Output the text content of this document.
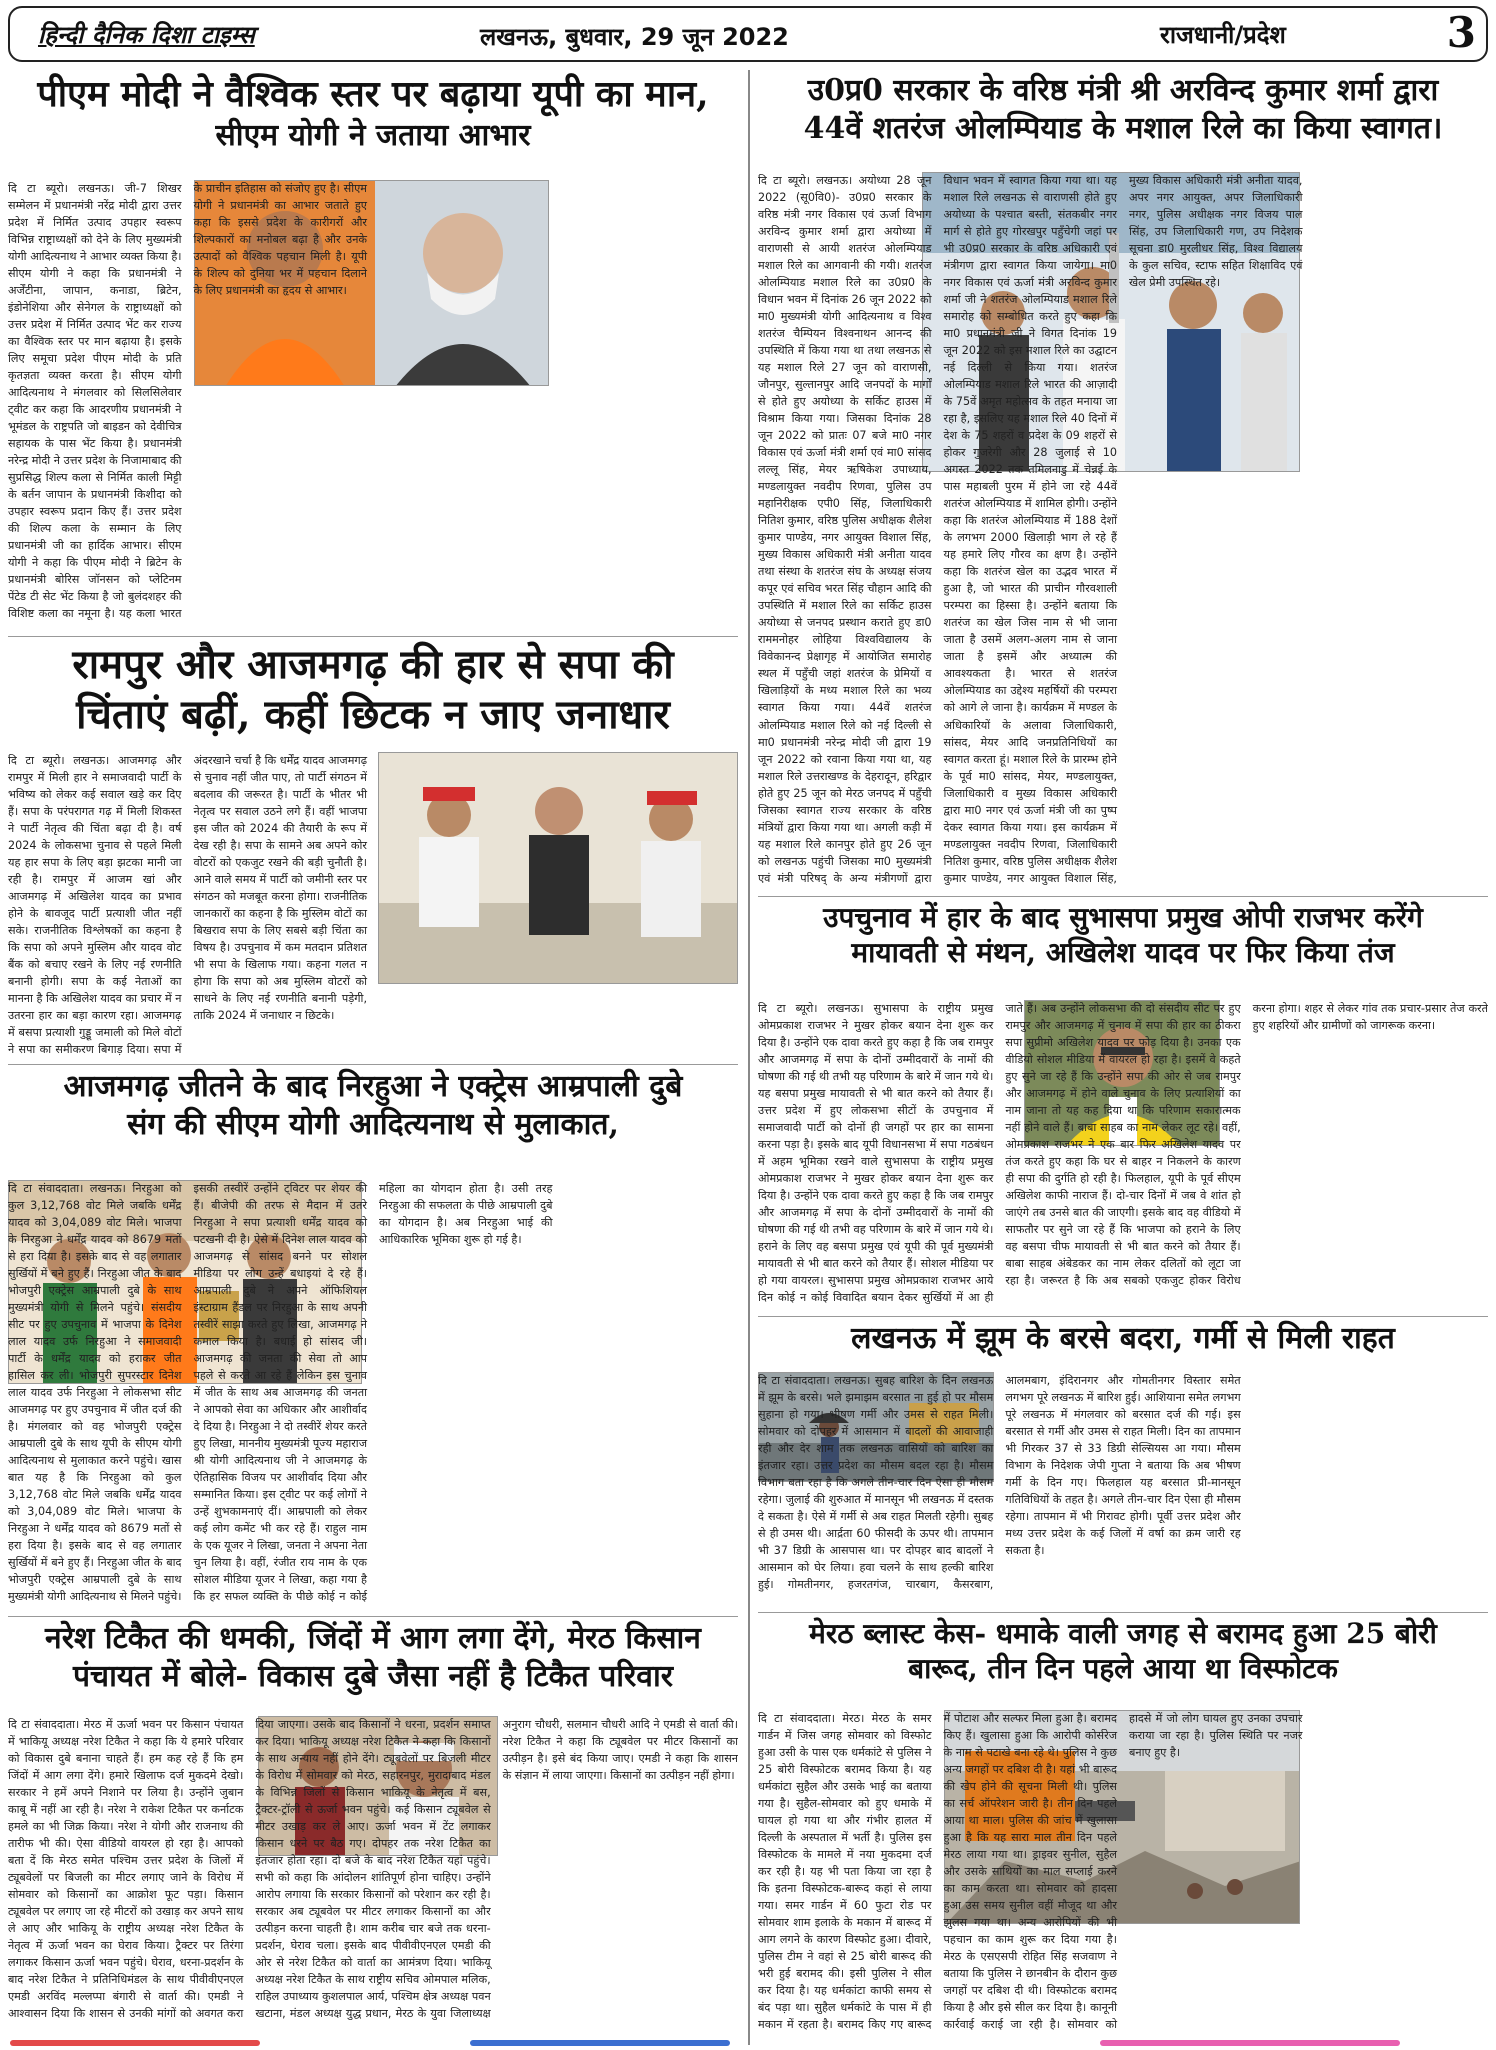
हिन्दी दैनिक दिशा टाइम्स	लखनऊ, बुधवार, 29 जून 2022	राजधानी/प्रदेश	3
पीएम मोदी ने वैश्विक स्तर पर बढ़ाया यूपी का मान,
सीएम योगी ने जताया आभार
दि टा ब्यूरो। लखनऊ। जी-7 शिखर सम्मेलन में प्रधानमंत्री नरेंद्र मोदी द्वारा उत्तर प्रदेश में निर्मित उत्पाद उपहार स्वरूप विभिन्न राष्ट्राध्यक्षों को देने के लिए मुख्यमंत्री योगी आदित्यनाथ ने आभार व्यक्त किया है। सीएम योगी ने कहा कि प्रधानमंत्री ने अर्जेंटीना, जापान, कनाडा, ब्रिटेन, इंडोनेशिया और सेनेगल के राष्ट्राध्यक्षों को उत्तर प्रदेश में निर्मित उत्पाद भेंट कर राज्य का वैश्विक स्तर पर मान बढ़ाया है। इसके लिए समूचा प्रदेश पीएम मोदी के प्रति कृतज्ञता व्यक्त करता है। सीएम योगी आदित्यनाथ ने मंगलवार को सिलसिलेवार ट्वीट कर कहा कि आदरणीय प्रधानमंत्री ने भूमंडल के राष्ट्रपति जो बाइडन को देवीचित्र सहायक के पास भेंट किया है। प्रधानमंत्री नरेन्द्र मोदी ने उत्तर प्रदेश के निजामाबाद की सुप्रसिद्ध शिल्प कला से निर्मित काली मिट्टी के बर्तन जापान के प्रधानमंत्री किशीदा को उपहार स्वरूप प्रदान किए हैं। उत्तर प्रदेश की शिल्प कला के सम्मान के लिए प्रधानमंत्री जी का हार्दिक आभार। सीएम योगी ने कहा कि पीएम मोदी ने ब्रिटेन के प्रधानमंत्री बोरिस जॉनसन को प्लेटिनम पेंटेड टी सेट भेंट किया है जो बुलंदशहर की विशिष्ट कला का नमूना है। यह कला भारत के प्राचीन इतिहास को संजोए हुए है। सीएम योगी ने प्रधानमंत्री का आभार जताते हुए कहा कि इससे प्रदेश के कारीगरों और शिल्पकारों का मनोबल बढ़ा है और उनके उत्पादों को वैश्विक पहचान मिली है। यूपी के शिल्प को दुनिया भर में पहचान दिलाने के लिए प्रधानमंत्री का हृदय से आभार।
रामपुर और आजमगढ़ की हार से सपा की
चिंताएं बढ़ीं, कहीं छिटक न जाए जनाधार
दि टा ब्यूरो। लखनऊ। आजमगढ़ और रामपुर में मिली हार ने समाजवादी पार्टी के भविष्य को लेकर कई सवाल खड़े कर दिए हैं। सपा के परंपरागत गढ़ में मिली शिकस्त ने पार्टी नेतृत्व की चिंता बढ़ा दी है। वर्ष 2024 के लोकसभा चुनाव से पहले मिली यह हार सपा के लिए बड़ा झटका मानी जा रही है। रामपुर में आजम खां और आजमगढ़ में अखिलेश यादव का प्रभाव होने के बावजूद पार्टी प्रत्याशी जीत नहीं सके। राजनीतिक विश्लेषकों का कहना है कि सपा को अपने मुस्लिम और यादव वोट बैंक को बचाए रखने के लिए नई रणनीति बनानी होगी। सपा के कई नेताओं का मानना है कि अखिलेश यादव का प्रचार में न उतरना हार का बड़ा कारण रहा। आजमगढ़ में बसपा प्रत्याशी गुड्डू जमाली को मिले वोटों ने सपा का समीकरण बिगाड़ दिया। सपा में अंदरखाने चर्चा है कि धर्मेंद्र यादव आजमगढ़ से चुनाव नहीं जीत पाए, तो पार्टी संगठन में बदलाव की जरूरत है। पार्टी के भीतर भी नेतृत्व पर सवाल उठने लगे हैं। वहीं भाजपा इस जीत को 2024 की तैयारी के रूप में देख रही है। सपा के सामने अब अपने कोर वोटरों को एकजुट रखने की बड़ी चुनौती है। आने वाले समय में पार्टी को जमीनी स्तर पर संगठन को मजबूत करना होगा। राजनीतिक जानकारों का कहना है कि मुस्लिम वोटों का बिखराव सपा के लिए सबसे बड़ी चिंता का विषय है। उपचुनाव में कम मतदान प्रतिशत भी सपा के खिलाफ गया। कहना गलत न होगा कि सपा को अब मुस्लिम वोटरों को साधने के लिए नई रणनीति बनानी पड़ेगी, ताकि 2024 में जनाधार न छिटके।
आजमगढ़ जीतने के बाद निरहुआ ने एक्ट्रेस आम्रपाली दुबे
संग की सीएम योगी आदित्यनाथ से मुलाकात,
दि टा संवाददाता। लखनऊ। निरहुआ को कुल 3,12,768 वोट मिले जबकि धर्मेंद्र यादव को 3,04,089 वोट मिले। भाजपा के निरहुआ ने धर्मेंद्र यादव को 8679 मतों से हरा दिया है। इसके बाद से वह लगातार सुर्खियों में बने हुए हैं। निरहुआ जीत के बाद भोजपुरी एक्ट्रेस आम्रपाली दुबे के साथ मुख्यमंत्री योगी से मिलने पहुंचे। संसदीय सीट पर हुए उपचुनाव में भाजपा के दिनेश लाल यादव उर्फ निरहुआ ने समाजवादी पार्टी के धर्मेंद्र यादव को हराकर जीत हासिल कर ली। भोजपुरी सुपरस्टार दिनेश लाल यादव उर्फ निरहुआ ने लोकसभा सीट आजमगढ़ पर हुए उपचुनाव में जीत दर्ज की है। मंगलवार को वह भोजपुरी एक्ट्रेस आम्रपाली दुबे के साथ यूपी के सीएम योगी आदित्यनाथ से मुलाकात करने पहुंचे। खास बात यह है कि निरहुआ को कुल 3,12,768 वोट मिले जबकि धर्मेंद्र यादव को 3,04,089 वोट मिले। भाजपा के निरहुआ ने धर्मेंद्र यादव को 8679 मतों से हरा दिया है। इसके बाद से वह लगातार सुर्खियों में बने हुए हैं। निरहुआ जीत के बाद भोजपुरी एक्ट्रेस आम्रपाली दुबे के साथ मुख्यमंत्री योगी आदित्यनाथ से मिलने पहुंचे। इसकी तस्वीरें उन्होंने ट्विटर पर शेयर की हैं। बीजेपी की तरफ से मैदान में उतरे निरहुआ ने सपा प्रत्याशी धर्मेंद्र यादव को पटखनी दी है। ऐसे में दिनेश लाल यादव को आजमगढ़ से सांसद बनने पर सोशल मीडिया पर लोग उन्हें बधाइयां दे रहे हैं। आम्रपाली दुबे ने अपने ऑफिशियल इंस्टाग्राम हैंडल पर निरहुआ के साथ अपनी तस्वीरें साझा करते हुए लिखा, आजमगढ़ ने कमाल किया है। बधाई हो सांसद जी। आजमगढ़ की जनता की सेवा तो आप पहले से करते आ रहे हैं लेकिन इस चुनाव में जीत के साथ अब आजमगढ़ की जनता ने आपको सेवा का अधिकार और आशीर्वाद दे दिया है। निरहुआ ने दो तस्वीरें शेयर करते हुए लिखा, माननीय मुख्यमंत्री पूज्य महाराज श्री योगी आदित्यनाथ जी ने आजमगढ़ के ऐतिहासिक विजय पर आशीर्वाद दिया और सम्मानित किया। इस ट्वीट पर कई लोगों ने उन्हें शुभकामनाएं दीं। आम्रपाली को लेकर कई लोग कमेंट भी कर रहे हैं। राहुल नाम के एक यूजर ने लिखा, जनता ने अपना नेता चुन लिया है। वहीं, रंजीत राय नाम के एक सोशल मीडिया यूजर ने लिखा, कहा गया है कि हर सफल व्यक्ति के पीछे कोई न कोई महिला का योगदान होता है। उसी तरह निरहुआ की सफलता के पीछे आम्रपाली दुबे का योगदान है। अब निरहुआ भाई की आधिकारिक भूमिका शुरू हो गई है।
नरेश टिकैत की धमकी, जिंदों में आग लगा देंगे, मेरठ किसान
पंचायत में बोले- विकास दुबे जैसा नहीं है टिकैत परिवार
दि टा संवाददाता। मेरठ में ऊर्जा भवन पर किसान पंचायत में भाकियू अध्यक्ष नरेश टिकैत ने कहा कि ये हमारे परिवार को विकास दुबे बनाना चाहते हैं। हम कह रहे हैं कि हम जिंदों में आग लगा देंगे। हमारे खिलाफ दर्ज मुकदमे देखो। सरकार ने हमें अपने निशाने पर लिया है। उन्होंने जुबान काबू में नहीं आ रही है। नरेश ने राकेश टिकैत पर कर्नाटक हमले का भी जिक्र किया। नरेश ने योगी और राजनाथ की तारीफ भी की। ऐसा वीडियो वायरल हो रहा है। आपको बता दें कि मेरठ समेत पश्चिम उत्तर प्रदेश के जिलों में ट्यूबवेलों पर बिजली का मीटर लगाए जाने के विरोध में सोमवार को किसानों का आक्रोश फूट पड़ा। किसान ट्यूबवेल पर लगाए जा रहे मीटरों को उखाड़ कर अपने साथ ले आए और भाकियू के राष्ट्रीय अध्यक्ष नरेश टिकैत के नेतृत्व में ऊर्जा भवन का घेराव किया। ट्रैक्टर पर तिरंगा लगाकर किसान ऊर्जा भवन पहुंचे। घेराव, धरना-प्रदर्शन के बाद नरेश टिकैत ने प्रतिनिधिमंडल के साथ पीवीवीएनएल एमडी अरविंद मल्लप्पा बंगारी से वार्ता की। एमडी ने आश्वासन दिया कि शासन से उनकी मांगों को अवगत करा दिया जाएगा। उसके बाद किसानों ने धरना, प्रदर्शन समाप्त कर दिया। भाकियू अध्यक्ष नरेश टिकैत ने कहा कि किसानों के साथ अन्याय नहीं होने देंगे। ट्यूबवेलों पर बिजली मीटर के विरोध में सोमवार को मेरठ, सहारनपुर, मुरादाबाद मंडल के विभिन्न जिलों से किसान भाकियू के नेतृत्व में बस, ट्रैक्टर-ट्रॉली से ऊर्जा भवन पहुंचे। कई किसान ट्यूबवेल से मीटर उखाड़ कर ले आए। ऊर्जा भवन में टेंट लगाकर किसान धरने पर बैठ गए। दोपहर तक नरेश टिकैत का इंतजार होता रहा। दो बजे के बाद नरेश टिकैत यहां पहुंचे। सभी को कहा कि आंदोलन शांतिपूर्ण होना चाहिए। उन्होंने आरोप लगाया कि सरकार किसानों को परेशान कर रही है। सरकार अब ट्यूबवेल पर मीटर लगाकर किसानों का और उत्पीड़न करना चाहती है। शाम करीब चार बजे तक धरना-प्रदर्शन, घेराव चला। इसके बाद पीवीवीएनएल एमडी की ओर से नरेश टिकैत को वार्ता का आमंत्रण दिया। भाकियू अध्यक्ष नरेश टिकैत के साथ राष्ट्रीय सचिव ओमपाल मलिक, राहिल उपाध्याय कुशलपाल आर्य, पश्चिम क्षेत्र अध्यक्ष पवन खटाना, मंडल अध्यक्ष युद्ध प्रधान, मेरठ के युवा जिलाध्यक्ष अनुराग चौधरी, सलमान चौधरी आदि ने एमडी से वार्ता की। नरेश टिकैत ने कहा कि ट्यूबवेल पर मीटर किसानों का उत्पीड़न है। इसे बंद किया जाए। एमडी ने कहा कि शासन के संज्ञान में लाया जाएगा। किसानों का उत्पीड़न नहीं होगा।
उ0प्र0 सरकार के वरिष्ठ मंत्री श्री अरविन्द कुमार शर्मा द्वारा
44वें शतरंज ओलम्पियाड के मशाल रिले का किया स्वागत।
दि टा ब्यूरो। लखनऊ। अयोध्या 28 जून 2022 (सू0वि0)- उ0प्र0 सरकार के वरिष्ठ मंत्री नगर विकास एवं ऊर्जा विभाग अरविन्द कुमार शर्मा द्वारा अयोध्या में वाराणसी से आयी शतरंज ओलम्पियाड मशाल रिले का आगवानी की गयी। शतरंज ओलम्पियाड मशाल रिले का उ0प्र0 के विधान भवन में दिनांक 26 जून 2022 को मा0 मुख्यमंत्री योगी आदित्यनाथ व विश्व शतरंज चैम्पियन विश्वनाथन आनन्द की उपस्थिति में किया गया था तथा लखनऊ से यह मशाल रिले 27 जून को वाराणसी, जौनपुर, सुल्तानपुर आदि जनपदों के मार्गों से होते हुए अयोध्या के सर्किट हाउस में विश्राम किया गया। जिसका दिनांक 28 जून 2022 को प्रातः 07 बजे मा0 नगर विकास एवं ऊर्जा मंत्री शर्मा एवं मा0 सांसद लल्लू सिंह, मेयर ऋषिकेश उपाध्याय, मण्डलायुक्त नवदीप रिणवा, पुलिस उप महानिरीक्षक एपी0 सिंह, जिलाधिकारी नितिश कुमार, वरिष्ठ पुलिस अधीक्षक शैलेश कुमार पाण्डेय, नगर आयुक्त विशाल सिंह, मुख्य विकास अधिकारी मंत्री अनीता यादव तथा संस्था के शतरंज संघ के अध्यक्ष संजय कपूर एवं सचिव भरत सिंह चौहान आदि की उपस्थिति में मशाल रिले का सर्किट हाउस अयोध्या से जनपद प्रस्थान कराते हुए डा0 राममनोहर लोहिया विश्वविद्यालय के विवेकानन्द प्रेक्षागृह में आयोजित समारोह स्थल में पहुँची जहां शतरंज के प्रेमियों व खिलाड़ियों के मध्य मशाल रिले का भव्य स्वागत किया गया। 44वें शतरंज ओलम्पियाड मशाल रिले को नई दिल्ली से मा0 प्रधानमंत्री नरेन्द्र मोदी जी द्वारा 19 जून 2022 को रवाना किया गया था, यह मशाल रिले उत्तराखण्ड के देहरादून, हरिद्वार होते हुए 25 जून को मेरठ जनपद में पहुँची जिसका स्वागत राज्य सरकार के वरिष्ठ मंत्रियों द्वारा किया गया था। अगली कड़ी में यह मशाल रिले कानपुर होते हुए 26 जून को लखनऊ पहुंची जिसका मा0 मुख्यमंत्री एवं मंत्री परिषद् के अन्य मंत्रीगणों द्वारा विधान भवन में स्वागत किया गया था। यह मशाल रिले लखनऊ से वाराणसी होते हुए अयोध्या के पश्चात बस्ती, संतकबीर नगर मार्ग से होते हुए गोरखपुर पहुँचेगी जहां पर भी उ0प्र0 सरकार के वरिष्ठ अधिकारी एवं मंत्रीगण द्वारा स्वागत किया जायेगा। मा0 नगर विकास एवं ऊर्जा मंत्री अरविन्द कुमार शर्मा जी ने शतरंज ओलम्पियाड मशाल रिले समारोह को सम्बोधित करते हुए कहा कि मा0 प्रधानमंत्री जी ने विगत दिनांक 19 जून 2022 को इस मशाल रिले का उद्घाटन नई दिल्ली से किया गया। शतरंज ओलम्पियाड मशाल रिले भारत की आज़ादी के 75वें अमृत महोत्सव के तहत मनाया जा रहा है, इसलिए यह मशाल रिले 40 दिनों में देश के 75 शहरों व प्रदेश के 09 शहरों से होकर गुजरेगी और 28 जुलाई से 10 अगस्त 2022 तक तमिलनाडु में चेन्नई के पास महाबली पुरम में होने जा रहे 44वें शतरंज ओलम्पियाड में शामिल होगी। उन्होंने कहा कि शतरंज ओलम्पियाड में 188 देशों के लगभग 2000 खिलाड़ी भाग ले रहे हैं यह हमारे लिए गौरव का क्षण है। उन्होंने कहा कि शतरंज खेल का उद्भव भारत में हुआ है, जो भारत की प्राचीन गौरवशाली परम्परा का हिस्सा है। उन्होंने बताया कि शतरंज का खेल जिस नाम से भी जाना जाता है उसमें अलग-अलग नाम से जाना जाता है इसमें और अध्यात्म की आवश्यकता है। भारत से शतरंज ओलम्पियाड का उद्देश्य महर्षियों की परम्परा को आगे ले जाना है। कार्यक्रम में मण्डल के अधिकारियों के अलावा जिलाधिकारी, सांसद, मेयर आदि जनप्रतिनिधियों का स्वागत करता हूं। मशाल रिले के प्रारम्भ होने के पूर्व मा0 सांसद, मेयर, मण्डलायुक्त, जिलाधिकारी व मुख्य विकास अधिकारी द्वारा मा0 नगर एवं ऊर्जा मंत्री जी का पुष्प देकर स्वागत किया गया। इस कार्यक्रम में मण्डलायुक्त नवदीप रिणवा, जिलाधिकारी नितिश कुमार, वरिष्ठ पुलिस अधीक्षक शैलेश कुमार पाण्डेय, नगर आयुक्त विशाल सिंह, मुख्य विकास अधिकारी मंत्री अनीता यादव, अपर नगर आयुक्त, अपर जिलाधिकारी नगर, पुलिस अधीक्षक नगर विजय पाल सिंह, उप जिलाधिकारी गण, उप निदेशक सूचना डा0 मुरलीधर सिंह, विश्व विद्यालय के कुल सचिव, स्टाफ सहित शिक्षाविद एवं खेल प्रेमी उपस्थित रहे।
उपचुनाव में हार के बाद सुभासपा प्रमुख ओपी राजभर करेंगे
मायावती से मंथन, अखिलेश यादव पर फिर किया तंज
दि टा ब्यूरो। लखनऊ। सुभासपा के राष्ट्रीय प्रमुख ओमप्रकाश राजभर ने मुखर होकर बयान देना शुरू कर दिया है। उन्होंने एक दावा करते हुए कहा है कि जब रामपुर और आजमगढ़ में सपा के दोनों उम्मीदवारों के नामों की घोषणा की गई थी तभी यह परिणाम के बारे में जान गये थे। यह बसपा प्रमुख मायावती से भी बात करने को तैयार हैं। उत्तर प्रदेश में हुए लोकसभा सीटों के उपचुनाव में समाजवादी पार्टी को दोनों ही जगहों पर हार का सामना करना पड़ा है। इसके बाद यूपी विधानसभा में सपा गठबंधन में अहम भूमिका रखने वाले सुभासपा के राष्ट्रीय प्रमुख ओमप्रकाश राजभर ने मुखर होकर बयान देना शुरू कर दिया है। उन्होंने एक दावा करते हुए कहा है कि जब रामपुर और आजमगढ़ में सपा के दोनों उम्मीदवारों के नामों की घोषणा की गई थी तभी वह परिणाम के बारे में जान गये थे। हराने के लिए वह बसपा प्रमुख एवं यूपी की पूर्व मुख्यमंत्री मायावती से भी बात करने को तैयार हैं। सोशल मीडिया पर हो गया वायरल। सुभासपा प्रमुख ओमप्रकाश राजभर आये दिन कोई न कोई विवादित बयान देकर सुर्खियों में आ ही जाते हैं। अब उन्होंने लोकसभा की दो संसदीय सीट पर हुए रामपुर और आजमगढ़ में चुनाव में सपा की हार का ठीकरा सपा सुप्रीमो अखिलेश यादव पर फोड़ दिया है। उनका एक वीडियो सोशल मीडिया में वायरल हो रहा है। इसमें वे कहते हुए सुने जा रहे हैं कि उन्होंने सपा की ओर से जब रामपुर और आजमगढ़ में होने वाले चुनाव के लिए प्रत्याशियों का नाम जाना तो यह कह दिया था कि परिणाम सकारात्मक नहीं होने वाले हैं। बाबा साहब का नाम लेकर लूट रहे। वहीं, ओमप्रकाश राजभर ने एक बार फिर अखिलेश यादव पर तंज करते हुए कहा कि घर से बाहर न निकलने के कारण ही सपा की दुर्गति हो रही है। फिलहाल, यूपी के पूर्व सीएम अखिलेश काफी नाराज हैं। दो-चार दिनों में जब वे शांत हो जाएंगे तब उनसे बात की जाएगी। इसके बाद वह वीडियो में साफतौर पर सुने जा रहे हैं कि भाजपा को हराने के लिए वह बसपा चीफ मायावती से भी बात करने को तैयार हैं। बाबा साहब अंबेडकर का नाम लेकर दलितों को लूटा जा रहा है। जरूरत है कि अब सबको एकजुट होकर विरोध करना होगा। शहर से लेकर गांव तक प्रचार-प्रसार तेज करते हुए शहरियों और ग्रामीणों को जागरूक करना।
लखनऊ में झूम के बरसे बदरा, गर्मी से मिली राहत
दि टा संवाददाता। लखनऊ। सुबह बारिश के दिन लखनऊ में झूम के बरसे। भले झमाझम बरसात ना हुई हो पर मौसम सुहाना हो गया। भीषण गर्मी और उमस से राहत मिली। सोमवार को दोपहर में आसमान में बादलों की आवाजाही रही और देर शाम तक लखनऊ वासियों को बारिश का इंतजार रहा। उत्तर प्रदेश का मौसम बदल रहा है। मौसम विभाग बता रहा है कि अगले तीन-चार दिन ऐसा ही मौसम रहेगा। जुलाई की शुरुआत में मानसून भी लखनऊ में दस्तक दे सकता है। ऐसे में गर्मी से अब राहत मिलती रहेगी। सुबह से ही उमस थी। आर्द्रता 60 फीसदी के ऊपर थी। तापमान भी 37 डिग्री के आसपास था। पर दोपहर बाद बादलों ने आसमान को घेर लिया। हवा चलने के साथ हल्की बारिश हुई। गोमतीनगर, हजरतगंज, चारबाग, कैसरबाग, आलमबाग, इंदिरानगर और गोमतीनगर विस्तार समेत लगभग पूरे लखनऊ में बारिश हुई। आशियाना समेत लगभग पूरे लखनऊ में मंगलवार को बरसात दर्ज की गई। इस बरसात से गर्मी और उमस से राहत मिली। दिन का तापमान भी गिरकर 37 से 33 डिग्री सेल्सियस आ गया। मौसम विभाग के निदेशक जेपी गुप्ता ने बताया कि अब भीषण गर्मी के दिन गए। फिलहाल यह बरसात प्री-मानसून गतिविधियों के तहत है। अगले तीन-चार दिन ऐसा ही मौसम रहेगा। तापमान में भी गिरावट होगी। पूर्वी उत्तर प्रदेश और मध्य उत्तर प्रदेश के कई जिलों में वर्षा का क्रम जारी रह सकता है।
मेरठ ब्लास्ट केस- धमाके वाली जगह से बरामद हुआ 25 बोरी
बारूद, तीन दिन पहले आया था विस्फोटक
दि टा संवाददाता। मेरठ। मेरठ के समर गार्डन में जिस जगह सोमवार को विस्फोट हुआ उसी के पास एक धर्मकांटे से पुलिस ने 25 बोरी विस्फोटक बरामद किया है। यह धर्मकांटा सुहैल और उसके भाई का बताया गया है। सुहैल-सोमवार को हुए धमाके में घायल हो गया था और गंभीर हालत में दिल्ली के अस्पताल में भर्ती है। पुलिस इस विस्फोटक के मामले में नया मुकदमा दर्ज कर रही है। यह भी पता किया जा रहा है कि इतना विस्फोटक-बारूद कहां से लाया गया। समर गार्डन में 60 फुटा रोड पर सोमवार शाम इलाके के मकान में बारूद में आग लगने के कारण विस्फोट हुआ। दीवारे, पुलिस टीम ने वहां से 25 बोरी बारूद की भरी हुई बरामद की। इसी पुलिस ने सील कर दिया है। यह धर्मकांटा काफी समय से बंद पड़ा था। सुहैल धर्मकांटे के पास में ही मकान में रहता है। बरामद किए गए बारूद में पोटाश और सल्फर मिला हुआ है। बरामद किए हैं। खुलासा हुआ कि आरोपी कोर्सरेज के नाम से पटाखे बना रहे थे। पुलिस ने कुछ अन्य जगहों पर दबिश दी है। यहां भी बारूद की खेप होने की सूचना मिली थी। पुलिस का सर्च ऑपरेशन जारी है। तीन दिन पहले आया था माल। पुलिस की जांच में खुलासा हुआ है कि यह सारा माल तीन दिन पहले मेरठ लाया गया था। ड्राइवर सुनील, सुहैल और उसके साथियों का माल सप्लाई करने का काम करता था। सोमवार को हादसा हुआ उस समय सुनील वहीं मौजूद था और झुलस गया था। अन्य आरोपियों की भी पहचान का काम शुरू कर दिया गया है। मेरठ के एसएसपी रोहित सिंह सजवाण ने बताया कि पुलिस ने छानबीन के दौरान कुछ जगहों पर दबिश दी थी। विस्फोटक बरामद किया है और इसे सील कर दिया है। कानूनी कार्रवाई कराई जा रही है। सोमवार को हादसे में जो लोग घायल हुए उनका उपचार कराया जा रहा है। पुलिस स्थिति पर नजर बनाए हुए है।
